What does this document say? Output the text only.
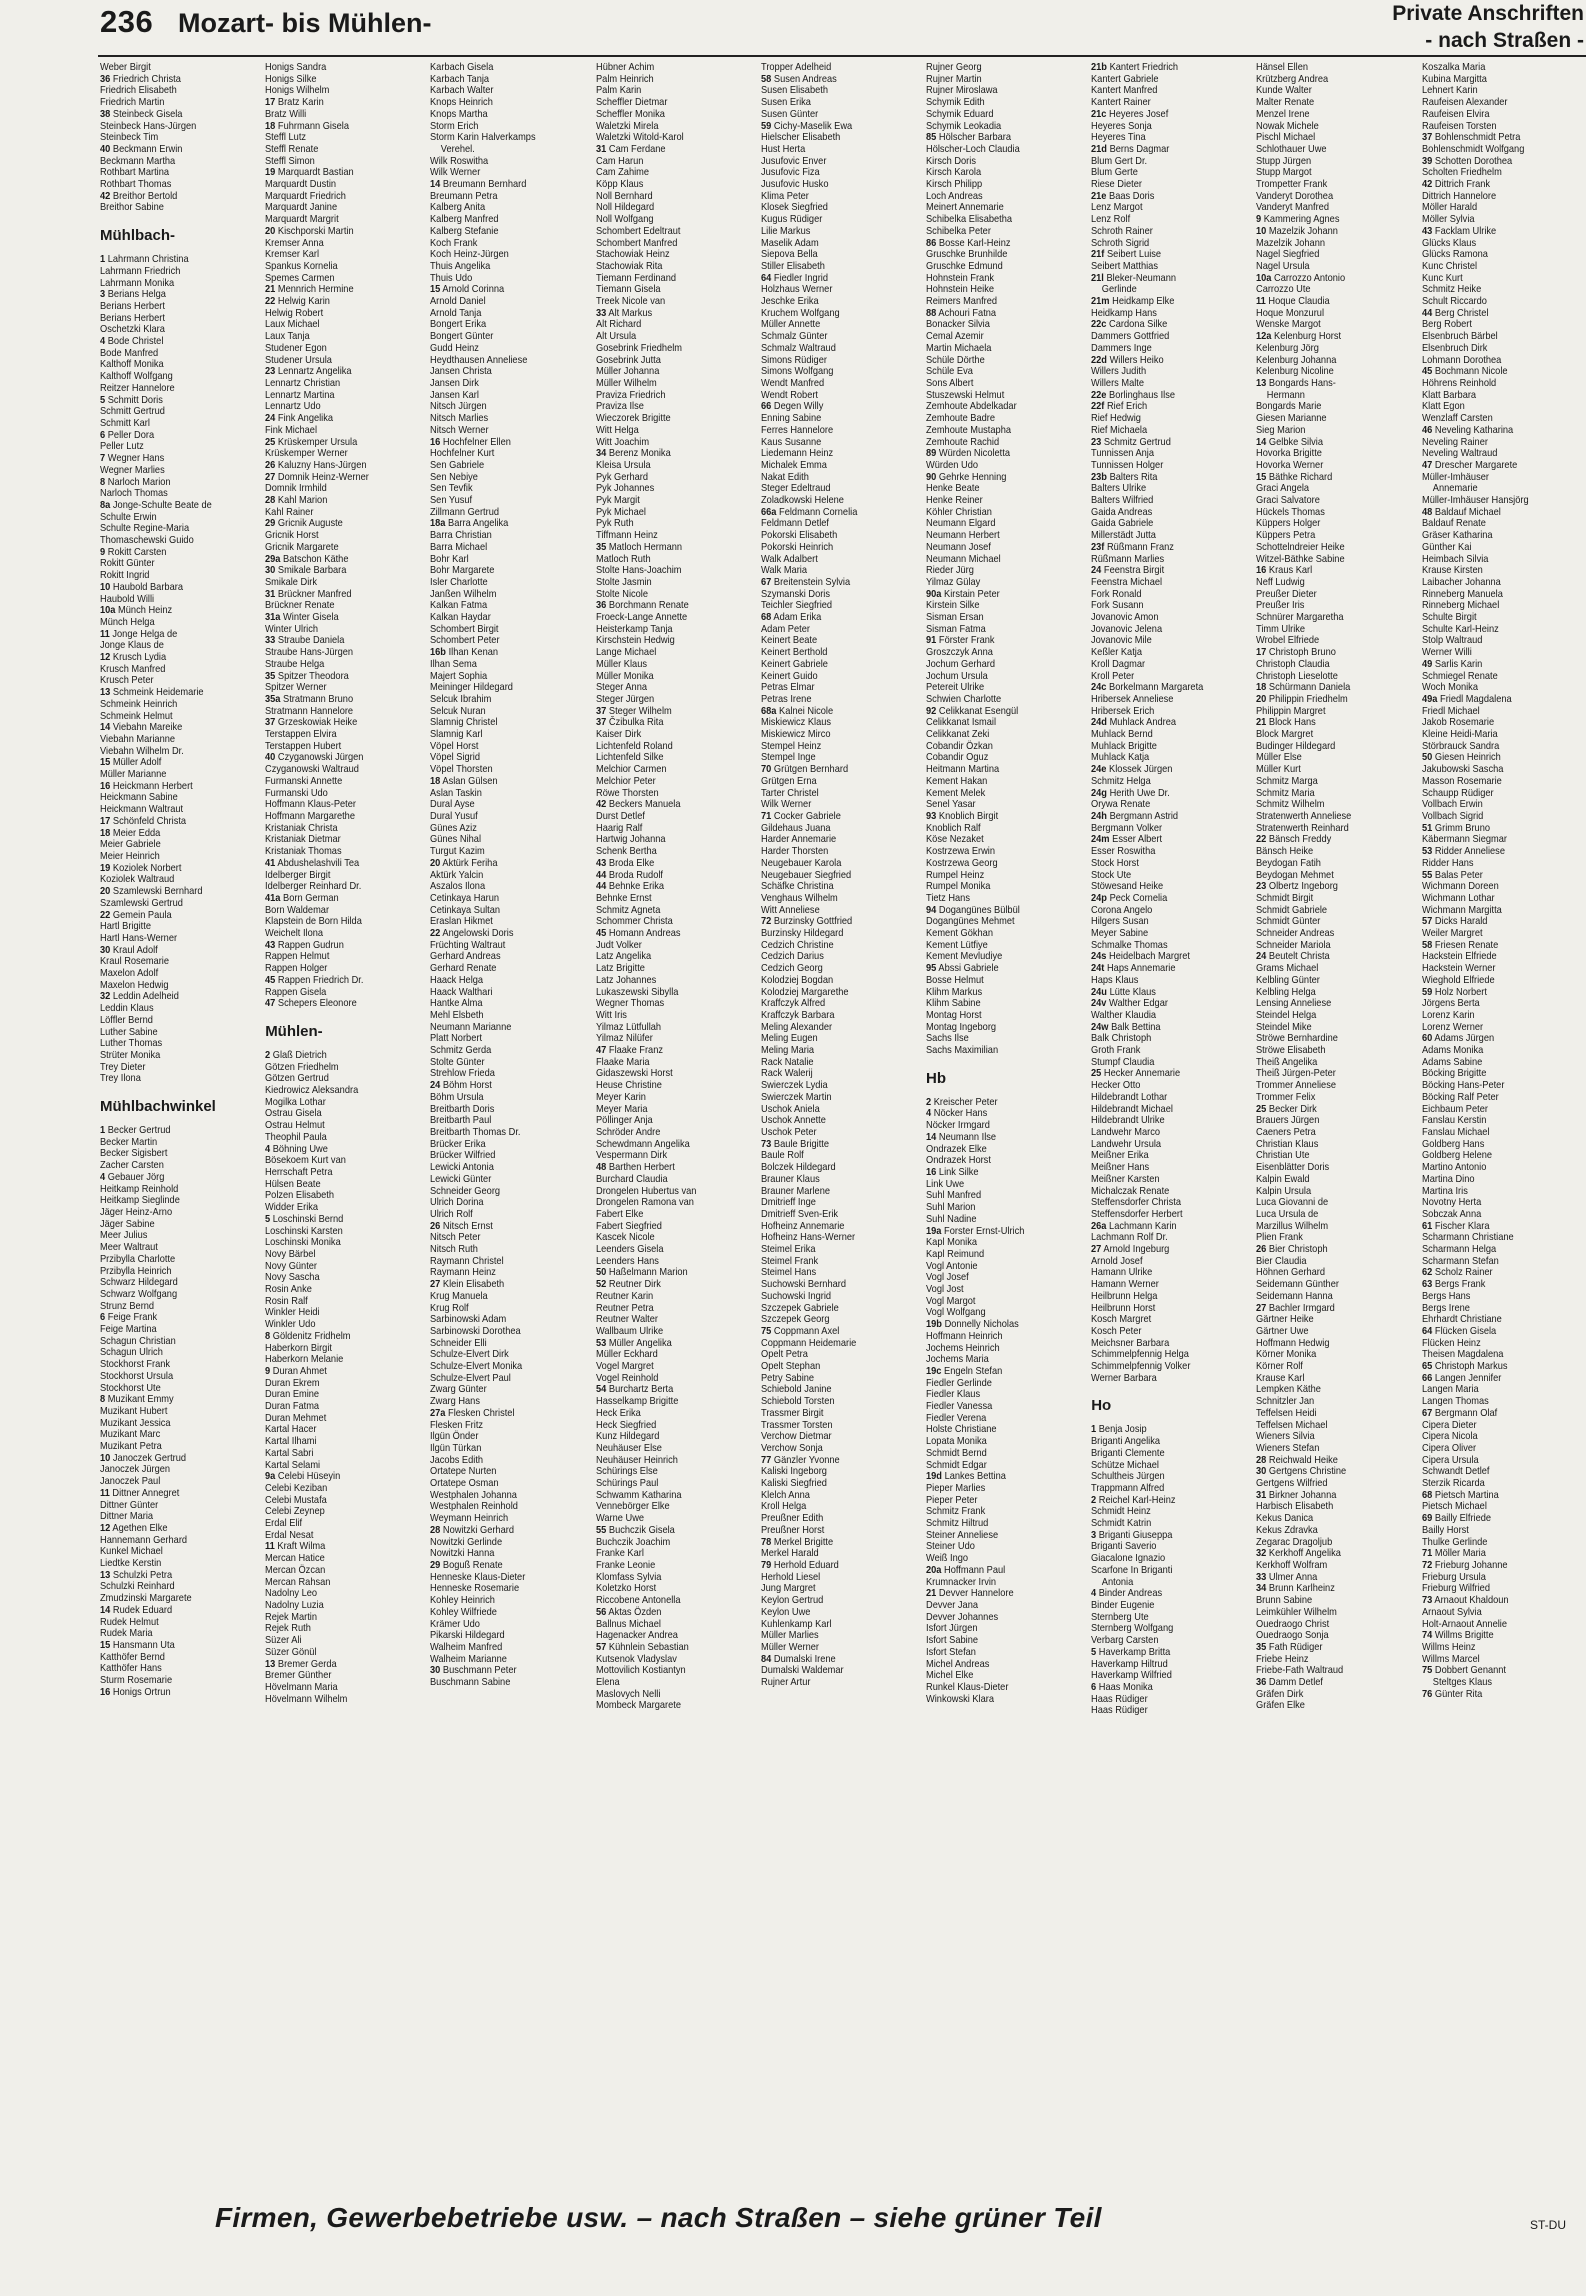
236 Mozart- bis Mühlen-	Private Anschriften
- nach Straßen -
Weber Birgit
36 Friedrich Christa
Friedrich Elisabeth
Friedrich Martin
38 Steinbeck Gisela
Steinbeck Hans-Jürgen
Steinbeck Tim
40 Beckmann Erwin
Beckmann Martha
Rothbart Martina
Rothbart Thomas
42 Breithor Bertold
Breithor Sabine
Mühlbach-
1 Lahrmann Christina
Lahrmann Friedrich
Lahrmann Monika
3 Berians Helga
Berians Herbert
Berians Herbert
Oschetzki Klara
4 Bode Christel
Bode Manfred
Kalthoff Monika
Kalthoff Wolfgang
Reitzer Hannelore
5 Schmitt Doris
Schmitt Gertrud
Schmitt Karl
6 Peller Dora
Peller Lutz
7 Wegner Hans
Wegner Marlies
8 Narloch Marion
Narloch Thomas
8a Jonge-Schulte Beate de
Schulte Erwin
Schulte Regine-Maria
Thomaschewski Guido
9 Rokitt Carsten
Rokitt Günter
Rokitt Ingrid
10 Haubold Barbara
Haubold Willi
10a Münch Heinz
Münch Helga
11 Jonge Helga de
Jonge Klaus de
12 Krusch Lydia
Krusch Manfred
Krusch Peter
13 Schmeink Heidemarie
Schmeink Heinrich
Schmeink Helmut
14 Viebahn Mareike
Viebahn Marianne
Viebahn Wilhelm Dr.
15 Müller Adolf
Müller Marianne
16 Heickmann Herbert
Heickmann Sabine
Heickmann Waltraut
17 Schönfeld Christa
18 Meier Edda
Meier Gabriele
Meier Heinrich
19 Koziolek Norbert
Koziolek Waltraud
20 Szamlewski Bernhard
Szamlewski Gertrud
22 Gemein Paula
Hartl Brigitte
Hartl Hans-Werner
30 Kraul Adolf
Kraul Rosemarie
Maxelon Adolf
Maxelon Hedwig
32 Leddin Adelheid
Leddin Klaus
Löffler Bernd
Luther Sabine
Luther Thomas
Strüter Monika
Trey Dieter
Trey Ilona
Mühlbachwinkel
1 Becker Gertrud
Becker Martin
Becker Sigisbert
Zacher Carsten
4 Gebauer Jörg
Heitkamp Reinhold
Heitkamp Sieglinde
Jäger Heinz-Arno
Jäger Sabine
Meer Julius
Meer Waltraut
Przibylla Charlotte
Przibylla Heinrich
Schwarz Hildegard
Schwarz Wolfgang
Strunz Bernd
6 Feige Frank
Feige Martina
Schagun Christian
Schagun Ulrich
Stockhorst Frank
Stockhorst Ursula
Stockhorst Ute
8 Muzikant Emmy
Muzikant Hubert
Muzikant Jessica
Muzikant Marc
Muzikant Petra
10 Janoczek Gertrud
Janoczek Jürgen
Janoczek Paul
11 Dittner Annegret
Dittner Günter
Dittner Maria
12 Agethen Elke
Hannemann Gerhard
Kunkel Michael
Liedtke Kerstin
13 Schulzki Petra
Schulzki Reinhard
Zmudzinski Margarete
14 Rudek Eduard
Rudek Helmut
Rudek Maria
15 Hansmann Uta
Katthöfer Bernd
Katthöfer Hans
Sturm Rosemarie
16 Honigs Ortrun
Honigs Sandra
Honigs Silke
Honigs Wilhelm
17 Bratz Karin
Bratz Willi
18 Fuhrmann Gisela
Steffl Lutz
Steffl Renate
Steffl Simon
19 Marquardt Bastian
Marquardt Dustin
Marquardt Friedrich
Marquardt Janine
Marquardt Margrit
20 Kischporski Martin
Kremser Anna
Kremser Karl
Spankus Kornelia
Spemes Carmen
21 Mennrich Hermine
22 Helwig Karin
Helwig Robert
Laux Michael
Laux Tanja
Studener Egon
Studener Ursula
23 Lennartz Angelika
Lennartz Christian
Lennartz Martina
Lennartz Udo
24 Fink Angelika
Fink Michael
25 Krüskemper Ursula
Krüskemper Werner
26 Kaluzny Hans-Jürgen
27 Domnik Heinz-Werner
Domnik Irmhild
28 Kahl Marion
Kahl Rainer
29 Gricnik Auguste
Gricnik Horst
Gricnik Margarete
29a Batschon Käthe
30 Smikale Barbara
Smikale Dirk
31 Brückner Manfred
Brückner Renate
31a Winter Gisela
Winter Ulrich
33 Straube Daniela
Straube Hans-Jürgen
Straube Helga
35 Spitzer Theodora
Spitzer Werner
35a Stratmann Bruno
Stratmann Hannelore
37 Grzeskowiak Heike
Terstappen Elvira
Terstappen Hubert
40 Czyganowski Jürgen
Czyganowski Waltraud
Furmanski Annette
Furmanski Udo
Hoffmann Klaus-Peter
Hoffmann Margarethe
Kristaniak Christa
Kristaniak Dietmar
Kristaniak Thomas
41 Abdushelashvili Tea
Idelberger Birgit
Idelberger Reinhard Dr.
41a Born German
Born Waldemar
Klapstein de Born Hilda
Weichelt Ilona
43 Rappen Gudrun
Rappen Helmut
Rappen Holger
45 Rappen Friedrich Dr.
Rappen Gisela
47 Schepers Eleonore
Mühlen-
2 Glaß Dietrich
Götzen Friedhelm
Götzen Gertrud
Kiedrowicz Aleksandra
Mogilka Lothar
Ostrau Gisela
Ostrau Helmut
Theophil Paula
4 Böhning Uwe
Bösekoem Kurt van
Herrschaft Petra
Hülsen Beate
Polzen Elisabeth
Widder Erika
5 Loschinski Bernd
Loschinski Karsten
Loschinski Monika
Novy Bärbel
Novy Günter
Novy Sascha
Rosin Anke
Rosin Ralf
Winkler Heidi
Winkler Udo
8 Göldenitz Fridhelm
Haberkorn Birgit
Haberkorn Melanie
9 Duran Ahmet
Duran Ekrem
Duran Emine
Duran Fatma
Duran Mehmet
Kartal Hacer
Kartal Ilhami
Kartal Sabri
Kartal Selami
9a Celebi Hüseyin
Celebi Keziban
Celebi Mustafa
Celebi Zeynep
Erdal Elif
Erdal Nesat
11 Kraft Wilma
Mercan Hatice
Mercan Özcan
Mercan Rahsan
Nadolny Leo
Nadolny Luzia
Rejek Martin
Rejek Ruth
Süzer Ali
Süzer Gönül
13 Bremer Gerda
Bremer Günther
Hövelmann Maria
Hövelmann Wilhelm
Karbach Gisela
Karbach Tanja
Karbach Walter
Knops Heinrich
Knops Martha
Storm Erich
Storm Karin Halverkamps
Verehel.
Wilk Roswitha
Wilk Werner
14 Breumann Bernhard
Breumann Petra
Kalberg Anita
Kalberg Manfred
Kalberg Stefanie
Koch Frank
Koch Heinz-Jürgen
Thuis Angelika
Thuis Udo
15 Arnold Corinna
Arnold Daniel
Arnold Tanja
Bongert Erika
Bongert Günter
Gudd Heinz
Heydthausen Anneliese
Jansen Christa
Jansen Dirk
Jansen Karl
Nitsch Jürgen
Nitsch Marlies
Nitsch Werner
16 Hochfelner Ellen
Hochfelner Kurt
Sen Gabriele
Sen Nebiye
Sen Tevfik
Sen Yusuf
Zillmann Gertrud
18a Barra Angelika
Barra Christian
Barra Michael
Bohr Karl
Bohr Margarete
Isler Charlotte
Janßen Wilhelm
Kalkan Fatma
Kalkan Haydar
Schombert Birgit
Schombert Peter
16b Ilhan Kenan
Ilhan Sema
Majert Sophia
Meininger Hildegard
Selcuk Ibrahim
Selcuk Nuran
Slamnig Christel
Slamnig Karl
Vöpel Horst
Vöpel Sigrid
Vöpel Thorsten
18 Aslan Gülsen
Aslan Taskin
Dural Ayse
Dural Yusuf
Günes Aziz
Günes Nihal
Turgut Kazim
20 Aktürk Feriha
Aktürk Yalcin
Aszalos Ilona
Cetinkaya Harun
Cetinkaya Sultan
Eraslan Hikmet
22 Angelowski Doris
Früchting Waltraut
Gerhard Andreas
Gerhard Renate
Haack Helga
Haack Walthari
Hantke Alma
Mehl Elsbeth
Neumann Marianne
Platt Norbert
Schmitz Gerda
Stolte Günter
Strehlow Frieda
24 Böhm Horst
Böhm Ursula
Breitbarth Doris
Breitbarth Paul
Breitbarth Thomas Dr.
Brücker Erika
Brücker Wilfried
Lewicki Antonia
Lewicki Günter
Schneider Georg
Ulrich Dorina
Ulrich Rolf
26 Nitsch Ernst
Nitsch Peter
Nitsch Ruth
Raymann Christel
Raymann Heinz
27 Klein Elisabeth
Krug Manuela
Krug Rolf
Sarbinowski Adam
Sarbinowski Dorothea
Schneider Elli
Schulze-Elvert Dirk
Schulze-Elvert Monika
Schulze-Elvert Paul
Zwarg Günter
Zwarg Hans
27a Flesken Christel
Flesken Fritz
Ilgün Önder
Ilgün Türkan
Jacobs Edith
Ortatepe Nurten
Ortatepe Osman
Westphalen Johanna
Westphalen Reinhold
Weymann Heinrich
28 Nowitzki Gerhard
Nowitzki Gerlinde
Nowitzki Hanna
29 Boguß Renate
Henneske Klaus-Dieter
Henneske Rosemarie
Kohley Heinrich
Kohley Wilfriede
Krämer Udo
Pikarski Hildegard
Walheim Manfred
Walheim Marianne
30 Buschmann Peter
Buschmann Sabine
Hübner Achim
Palm Heinrich
Palm Karin
Scheffler Dietmar
Scheffler Monika
Waletzki Mirela
Waletzki Witold-Karol
31 Cam Ferdane
Cam Harun
Cam Zahime
Köpp Klaus
Noll Bernhard
Noll Hildegard
Noll Wolfgang
Schombert Edeltraut
Schombert Manfred
Stachowiak Heinz
Stachowiak Rita
Tiemann Ferdinand
Tiemann Gisela
Treek Nicole van
33 Alt Markus
Alt Richard
Alt Ursula
Gosebrink Friedhelm
Gosebrink Jutta
Müller Johanna
Müller Wilhelm
Praviza Friedrich
Praviza Ilse
Wieczorek Brigitte
Witt Helga
Witt Joachim
34 Berenz Monika
Kleisa Ursula
Pyk Gerhard
Pyk Johannes
Pyk Margit
Pyk Michael
Pyk Ruth
Tiffmann Heinz
35 Matloch Hermann
Matloch Ruth
Stolte Hans-Joachim
Stolte Jasmin
Stolte Nicole
36 Borchmann Renate
Froeck-Lange Annette
Heisterkamp Tanja
Kirschstein Hedwig
Lange Michael
Müller Klaus
Müller Monika
Steger Anna
Steger Jürgen
37 Steger Wilhelm
37 Čzibulka Rita
Kaiser Dirk
Lichtenfeld Roland
Lichtenfeld Silke
Melchior Carmen
Melchior Peter
Röwe Thorsten
42 Beckers Manuela
Durst Detlef
Haarig Ralf
Hartwig Johanna
Schenk Bertha
43 Broda Elke
44 Broda Rudolf
44 Behnke Erika
Behnke Ernst
Schmitz Agneta
Schommer Christa
45 Homann Andreas
Judt Volker
Latz Angelika
Latz Brigitte
Latz Johannes
Lukaszewski Sibylla
Wegner Thomas
Witt Iris
Yilmaz Lütfullah
Yilmaz Nilüfer
47 Flaake Franz
Flaake Maria
Gidaszewski Horst
Heuse Christine
Meyer Karin
Meyer Maria
Pöllinger Anja
Schröder Andre
Schewdmann Angelika
Vespermann Dirk
48 Barthen Herbert
Burchard Claudia
Drongelen Hubertus van
Drongelen Ramona van
Fabert Elke
Fabert Siegfried
Kascek Nicole
Leenders Gisela
Leenders Hans
50 Haßelmann Marion
52 Reutner Dirk
Reutner Karin
Reutner Petra
Reutner Walter
Wallbaum Ulrike
53 Müller Angelika
Müller Eckhard
Vogel Margret
Vogel Reinhold
54 Burchartz Berta
Hasselkamp Brigitte
Heck Erika
Heck Siegfried
Kunz Hildegard
Neuhäuser Else
Neuhäuser Heinrich
Schürings Else
Schürings Paul
Schwamm Katharina
Vennebörger Elke
Warne Uwe
55 Buchczik Gisela
Buchczik Joachim
Franke Karl
Franke Leonie
Klomfass Sylvia
Koletzko Horst
Riccobene Antonella
56 Aktas Özden
Ballnus Michael
Hagenacker Andrea
57 Kühnlein Sebastian
Kutsenok Vladyslav
Mottovilich Kostiantyn
Elena
Maslovych Nelli
Mombeck Margarete
Tropper Adelheid
58 Susen Andreas
Susen Elisabeth
Susen Erika
Susen Günter
59 Cichy-Maselik Ewa
Hielscher Elisabeth
Hust Herta
Jusufovic Enver
Jusufovic Fiza
Jusufovic Husko
Klima Peter
Klosek Siegfried
Kugus Rüdiger
Lilie Markus
Maselik Adam
Siepova Bella
Stiller Elisabeth
64 Fiedler Ingrid
Holzhaus Werner
Jeschke Erika
Kruchem Wolfgang
Müller Annette
Schmalz Günter
Schmalz Waltraud
Simons Rüdiger
Simons Wolfgang
Wendt Manfred
Wendt Robert
66 Degen Willy
Enning Sabine
Ferres Hannelore
Kaus Susanne
Liedemann Heinz
Michalek Emma
Nakat Edith
Steger Edeltraud
Zoladkowski Helene
66a Feldmann Cornelia
Feldmann Detlef
Pokorski Elisabeth
Pokorski Heinrich
Walk Adalbert
Walk Maria
67 Breitenstein Sylvia
Szymanski Doris
Teichler Siegfried
68 Adam Erika
Adam Peter
Keinert Beate
Keinert Berthold
Keinert Gabriele
Keinert Guido
Petras Elmar
Petras Irene
68a Kalnei Nicole
Miskiewicz Klaus
Miskiewicz Mirco
Stempel Heinz
Stempel Inge
70 Grütgen Bernhard
Grütgen Erna
Tarter Christel
Wilk Werner
71 Cocker Gabriele
Gildehaus Juana
Harder Annemarie
Harder Thorsten
Neugebauer Karola
Neugebauer Siegfried
Schäfke Christina
Venghaus Wilhelm
Witt Anneliese
72 Burzinsky Gottfried
Burzinsky Hildegard
Cedzich Christine
Cedzich Darius
Cedzich Georg
Kolodziej Bogdan
Kolodziej Margarethe
Kraffczyk Alfred
Kraffczyk Barbara
Meling Alexander
Meling Eugen
Meling Maria
Rack Natalie
Rack Walerij
Swierczek Lydia
Swierczek Martin
Uschok Aniela
Uschok Annette
Uschok Peter
73 Baule Brigitte
Baule Rolf
Bolczek Hildegard
Brauner Klaus
Brauner Marlene
Dmitrieff Inge
Dmitrieff Sven-Erik
Hofheinz Annemarie
Hofheinz Hans-Werner
Steimel Erika
Steimel Frank
Steimel Hans
Suchowski Bernhard
Suchowski Ingrid
Szczepek Gabriele
Szczepek Georg
75 Coppmann Axel
Coppmann Heidemarie
Opelt Petra
Opelt Stephan
Petry Sabine
Schiebold Janine
Schiebold Torsten
Trassmer Birgit
Trassmer Torsten
Verchow Dietmar
Verchow Sonja
77 Gänzler Yvonne
Kaliski Ingeborg
Kaliski Siegfried
Klelch Anna
Kroll Helga
Preußner Edith
Preußner Horst
78 Merkel Brigitte
Merkel Harald
79 Herhold Eduard
Herhold Liesel
Jung Margret
Keylon Gertrud
Keylon Uwe
Kuhlenkamp Karl
Müller Marlies
Müller Werner
84 Dumalski Irene
Dumalski Waldemar
Rujner Artur
Rujner Georg
Rujner Martin
Rujner Miroslawa
Schymik Edith
Schymik Eduard
Schymik Leokadia
85 Hölscher Barbara
Hölscher-Loch Claudia
Kirsch Doris
Kirsch Karola
Kirsch Philipp
Loch Andreas
Meinert Annemarie
Schibelka Elisabetha
Schibelka Peter
86 Bosse Karl-Heinz
Gruschke Brunhilde
Gruschke Edmund
Hohnstein Frank
Hohnstein Heike
Reimers Manfred
88 Achouri Fatna
Bonacker Silvia
Cemal Azemir
Martin Michaela
Schüle Dörthe
Schüle Eva
Sons Albert
Stuszewski Helmut
Zemhoute Abdelkadar
Zemhoute Badre
Zemhoute Mustapha
Zemhoute Rachid
89 Würden Nicoletta
Würden Udo
90 Gehrke Henning
Henke Beate
Henke Reiner
Köhler Christian
Neumann Elgard
Neumann Herbert
Neumann Josef
Neumann Michael
Rieder Jürg
Yilmaz Gülay
90a Kirstain Peter
Kirstein Silke
Sisman Ersan
Sisman Fatma
91 Förster Frank
Groszczyk Anna
Jochum Gerhard
Jochum Ursula
Petereit Ulrike
Schwien Charlotte
92 Celikkanat Esengül
Celikkanat Ismail
Celikkanat Zeki
Cobandir Özkan
Cobandir Oguz
Heitmann Martina
Kement Hakan
Kement Melek
Senel Yasar
93 Knoblich Birgit
Knoblich Ralf
Köse Nezaket
Kostrzewa Erwin
Kostrzewa Georg
Rumpel Heinz
Rumpel Monika
Tietz Hans
94 Dogangünes Bülbül
Dogangünes Mehmet
Kement Gökhan
Kement Lütfiye
Kement Mevludiye
95 Abssi Gabriele
Bosse Helmut
Klihm Markus
Klihm Sabine
Montag Horst
Montag Ingeborg
Sachs Ilse
Sachs Maximilian
Hb
2 Kreischer Peter
4 Nöcker Hans
Nöcker Irmgard
14 Neumann Ilse
Ondrazek Elke
Ondrazek Horst
16 Link Silke
Link Uwe
Suhl Manfred
Suhl Marion
Suhl Nadine
19a Forster Ernst-Ulrich
Kapl Monika
Kapl Reimund
Vogl Antonie
Vogl Josef
Vogl Jost
Vogl Margot
Vogl Wolfgang
19b Donnelly Nicholas
Hoffmann Heinrich
Jochems Heinrich
Jochems Maria
19c Engeln Stefan
Fiedler Gerlinde
Fiedler Klaus
Fiedler Vanessa
Fiedler Verena
Holste Christiane
Lopata Monika
Schmidt Bernd
Schmidt Edgar
19d Lankes Bettina
Pieper Marlies
Pieper Peter
Schmitz Frank
Schmitz Hiltrud
Steiner Anneliese
Steiner Udo
Weiß Ingo
20a Hoffmann Paul
Krumnacker Irvin
21 Devver Hannelore
Devver Jana
Devver Johannes
Isfort Jürgen
Isfort Sabine
Isfort Stefan
Michel Andreas
Michel Elke
Runkel Klaus-Dieter
Winkowski Klara
21b Kantert Friedrich
Kantert Gabriele
Kantert Manfred
Kantert Rainer
21c Heyeres Josef
Heyeres Sonja
Heyeres Tina
21d Berns Dagmar
Blum Gert Dr.
Blum Gerte
Riese Dieter
21e Baas Doris
Lenz Margot
Lenz Rolf
Schroth Rainer
Schroth Sigrid
21f Seibert Luise
Seibert Matthias
21l Bleker-Neumann
Gerlinde
21m Heidkamp Elke
Heidkamp Hans
22c Cardona Silke
Dammers Gottfried
Dammers Inge
22d Willers Heiko
Willers Judith
Willers Malte
22e Borlinghaus Ilse
22f Rief Erich
Rief Hedwig
Rief Michaela
23 Schmitz Gertrud
Tunnissen Anja
Tunnissen Holger
23b Balters Rita
Balters Ulrike
Balters Wilfried
Gaida Andreas
Gaida Gabriele
Millerstädt Jutta
23f Rüßmann Franz
Rüßmann Marlies
24 Feenstra Birgit
Feenstra Michael
Fork Ronald
Fork Susann
Jovanovic Amon
Jovanovic Jelena
Jovanovic Mile
Keßler Katja
Kroll Dagmar
Kroll Peter
24c Borkelmann Margareta
Hribersek Anneliese
Hribersek Erich
24d Muhlack Andrea
Muhlack Bernd
Muhlack Brigitte
Muhlack Katja
24e Klossek Jürgen
Schmitz Helga
24g Herith Uwe Dr.
Orywa Renate
24h Bergmann Astrid
Bergmann Volker
24m Esser Albert
Esser Roswitha
Stock Horst
Stock Ute
Stöwesand Heike
24p Peck Cornelia
Corona Angelo
Hilgers Susan
Meyer Sabine
Schmalke Thomas
24s Heidelbach Margret
24t Haps Annemarie
Haps Klaus
24u Lütte Klaus
24v Walther Edgar
Walther Klaudia
24w Balk Bettina
Balk Christoph
Groth Frank
Stumpf Claudia
25 Hecker Annemarie
Hecker Otto
Hildebrandt Lothar
Hildebrandt Michael
Hildebrandt Ulrike
Landwehr Marco
Landwehr Ursula
Meißner Erika
Meißner Hans
Meißner Karsten
Michalczak Renate
Steffensdorfer Christa
Steffensdorfer Herbert
26a Lachmann Karin
Lachmann Rolf Dr.
27 Arnold Ingeburg
Arnold Josef
Hamann Ulrike
Hamann Werner
Heilbrunn Helga
Heilbrunn Horst
Kosch Margret
Kosch Peter
Meichsner Barbara
Schimmelpfennig Helga
Schimmelpfennig Volker
Werner Barbara
Ho
1 Benja Josip
Briganti Angelika
Briganti Clemente
Schütze Michael
Schultheis Jürgen
Trappmann Alfred
2 Reichel Karl-Heinz
Schmidt Heinz
Schmidt Katrin
3 Briganti Giuseppa
Briganti Saverio
Giacalone Ignazio
Scarfone In Briganti
Antonia
4 Binder Andreas
Binder Eugenie
Sternberg Ute
Sternberg Wolfgang
Verbarg Carsten
5 Haverkamp Britta
Haverkamp Hiltrud
Haverkamp Wilfried
6 Haas Monika
Haas Rüdiger
Haas Rüdiger
Hänsel Ellen
Krützberg Andrea
Kunde Walter
Malter Renate
Menzel Irene
Nowak Michele
Pischl Michael
Schlothauer Uwe
Stupp Jürgen
Stupp Margot
Trompetter Frank
Vanderyt Dorothea
Vanderyt Manfred
9 Kammering Agnes
10 Mazelzik Johann
Mazelzik Johann
Nagel Siegfried
Nagel Ursula
10a Carrozzo Antonio
Carrozzo Ute
11 Hoque Claudia
Hoque Monzurul
Wenske Margot
12a Kelenburg Horst
Kelenburg Jörg
Kelenburg Johanna
Kelenburg Nicoline
13 Bongards Hans-
Hermann
Bongards Marie
Giesen Marianne
Sieg Marion
14 Gelbke Silvia
Hovorka Brigitte
Hovorka Werner
15 Bäthke Richard
Graci Angela
Graci Salvatore
Hückels Thomas
Küppers Holger
Küppers Petra
Schottelndreier Heike
Witzel-Bäthke Sabine
16 Kraus Karl
Neff Ludwig
Preußer Dieter
Preußer Iris
Schnürer Margaretha
Timm Ulrike
Wrobel Elfriede
17 Christoph Bruno
Christoph Claudia
Christoph Lieselotte
18 Schürmann Daniela
20 Philippin Friedhelm
Philippin Margret
21 Block Hans
Block Margret
Budinger Hildegard
Müller Else
Müller Kurt
Schmitz Marga
Schmitz Maria
Schmitz Wilhelm
Stratenwerth Anneliese
Stratenwerth Reinhard
22 Bänsch Freddy
Bänsch Heike
Beydogan Fatih
Beydogan Mehmet
23 Olbertz Ingeborg
Schmidt Birgit
Schmidt Gabriele
Schmidt Günter
Schneider Andreas
Schneider Mariola
24 Beutelt Christa
Grams Michael
Kelbling Günter
Kelbling Helga
Lensing Anneliese
Steindel Helga
Steindel Mike
Ströwe Bernhardine
Ströwe Elisabeth
Theiß Angelika
Theiß Jürgen-Peter
Trommer Anneliese
Trommer Felix
25 Becker Dirk
Brauers Jürgen
Caeners Petra
Christian Klaus
Christian Ute
Eisenblätter Doris
Kalpin Ewald
Kalpin Ursula
Luca Giovanni de
Luca Ursula de
Marzillus Wilhelm
Plien Frank
26 Bier Christoph
Bier Claudia
Höhnen Gerhard
Seidemann Günther
Seidemann Hanna
27 Bachler Irmgard
Gärtner Heike
Gärtner Uwe
Hoffmann Hedwig
Körner Monika
Körner Rolf
Krause Karl
Lempken Käthe
Schnitzler Jan
Teffelsen Heidi
Teffelsen Michael
Wieners Silvia
Wieners Stefan
28 Reichwald Heike
30 Gertgens Christine
Gertgens Wilfried
31 Birkner Johanna
Harbisch Elisabeth
Kekus Danica
Kekus Zdravka
Zegarac Dragoljub
32 Kerkhoff Angelika
Kerkhoff Wolfram
33 Ulmer Anna
34 Brunn Karlheinz
Brunn Sabine
Leimkühler Wilhelm
Ouedraogo Christ
Ouedraogo Sonja
35 Fath Rüdiger
Friebe Heinz
Friebe-Fath Waltraud
36 Damm Detlef
Gräfen Dirk
Gräfen Elke
Koszalka Maria
Kubina Margitta
Lehnert Karin
Raufeisen Alexander
Raufeisen Elvira
Raufeisen Torsten
37 Bohlenschmidt Petra
Bohlenschmidt Wolfgang
39 Schotten Dorothea
Scholten Friedhelm
42 Dittrich Frank
Dittrich Hannelore
Möller Harald
Möller Sylvia
43 Facklam Ulrike
Glücks Klaus
Glücks Ramona
Kunc Christel
Kunc Kurt
Schmitz Heike
Schult Riccardo
44 Berg Christel
Berg Robert
Elsenbruch Bärbel
Elsenbruch Dirk
Lohmann Dorothea
45 Bochmann Nicole
Höhrens Reinhold
Klatt Barbara
Klatt Egon
Wenzlaff Carsten
46 Neveling Katharina
Neveling Rainer
Neveling Waltraud
47 Drescher Margarete
Müller-Imhäuser
Annemarie
Müller-Imhäuser Hansjörg
48 Baldauf Michael
Baldauf Renate
Gräser Katharina
Günther Kai
Heimbach Silvia
Krause Kirsten
Laibacher Johanna
Rinneberg Manuela
Rinneberg Michael
Schulte Birgit
Schulte Karl-Heinz
Stolp Waltraud
Werner Willi
49 Sarlis Karin
Schmiegel Renate
Woch Monika
49a Friedl Magdalena
Friedl Michael
Jakob Rosemarie
Kleine Heidi-Maria
Störbrauck Sandra
50 Giesen Heinrich
Jakubowski Sascha
Masson Rosemarie
Schaupp Rüdiger
Vollbach Erwin
Vollbach Sigrid
51 Grimm Bruno
Käbermann Siegmar
53 Ridder Anneliese
Ridder Hans
55 Balas Peter
Wichmann Doreen
Wichmann Lothar
Wichmann Margitta
57 Dicks Harald
Weiler Margret
58 Friesen Renate
Hackstein Elfriede
Hackstein Werner
Wieghold Elfriede
59 Holz Norbert
Jörgens Berta
Lorenz Karin
Lorenz Werner
60 Adams Jürgen
Adams Monika
Adams Sabine
Böcking Brigitte
Böcking Hans-Peter
Böcking Ralf Peter
Eichbaum Peter
Fanslau Kerstin
Fanslau Michael
Goldberg Hans
Goldberg Helene
Martino Antonio
Martina Dino
Martina Iris
Novotny Herta
Sobczak Anna
61 Fischer Klara
Scharmann Christiane
Scharmann Helga
Scharmann Stefan
62 Scholz Rainer
63 Bergs Frank
Bergs Hans
Bergs Irene
Ehrhardt Christiane
64 Flücken Gisela
Flücken Heinz
Theisen Magdalena
65 Christoph Markus
66 Langen Jennifer
Langen Maria
Langen Thomas
67 Bergmann Olaf
Cipera Dieter
Cipera Nicola
Cipera Oliver
Cipera Ursula
Schwandt Detlef
Sterzik Ricarda
68 Pietsch Martina
Pietsch Michael
69 Bailly Elfriede
Bailly Horst
Thulke Gerlinde
71 Möller Maria
72 Frieburg Johanne
Frieburg Ursula
Frieburg Wilfried
73 Arnaout Khaldoun
Arnaout Sylvia
Holt-Arnaout Annelie
74 Willms Brigitte
Willms Heinz
Willms Marcel
75 Dobbert Genannt
Steltges Klaus
76 Günter Rita
Firmen, Gewerbebetriebe usw. – nach Straßen – siehe grüner Teil	ST-DU
